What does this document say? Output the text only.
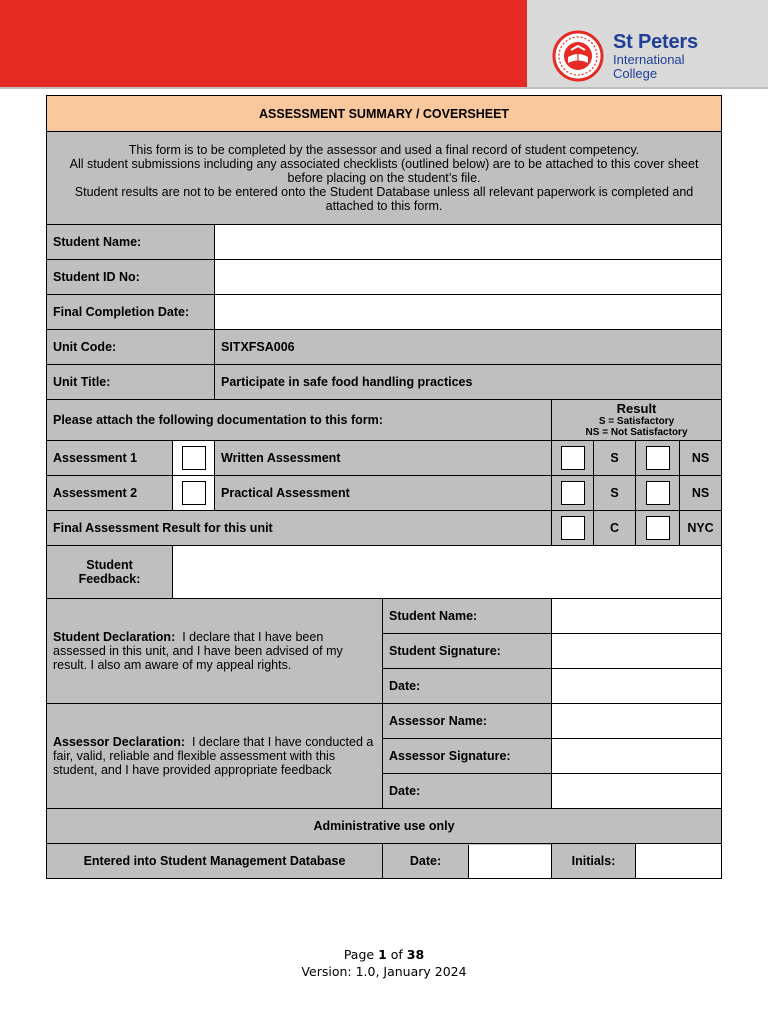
St Peters
International
College
ASSESSMENT SUMMARY / COVERSHEET							

This form is to be completed by the assessor and used a final record of student competency.
All student submissions including any associated checklists (outlined below) are to be attached to this cover sheet before placing on the student’s file.
Student results are not to be entered onto the Student Database unless all relevant paperwork is completed and attached to this form.							

Student Name:							
Student ID No:							
Final Completion Date:							
Unit Code:		SITXFSA006					
Unit Title:		Participate in safe food handling practices					
Please attach the following documentation to this form:				Result
S = Satisfactory
NS = Not Satisfactory			

Assessment 1		Written Assessment			S		NS
Assessment 2		Practical Assessment			S		NS
Final Assessment Result for this unit					C		NYC
Student Feedback:							
Student Declaration: I declare that I have been assessed in this unit, and I have been advised of my result. I also am aware of my appeal rights.			Student Name:				
			Student Signature:				
			Date:				
Assessor Declaration: I declare that I have conducted a fair, valid, reliable and flexible assessment with this student, and I have provided appropriate feedback			Assessor Name:				
			Assessor Signature:				
			Date:				
Administrative use only							
Entered into Student Management Database			Date:	Initials:			
Page 1 of 38
Version: 1.0, January 2024
